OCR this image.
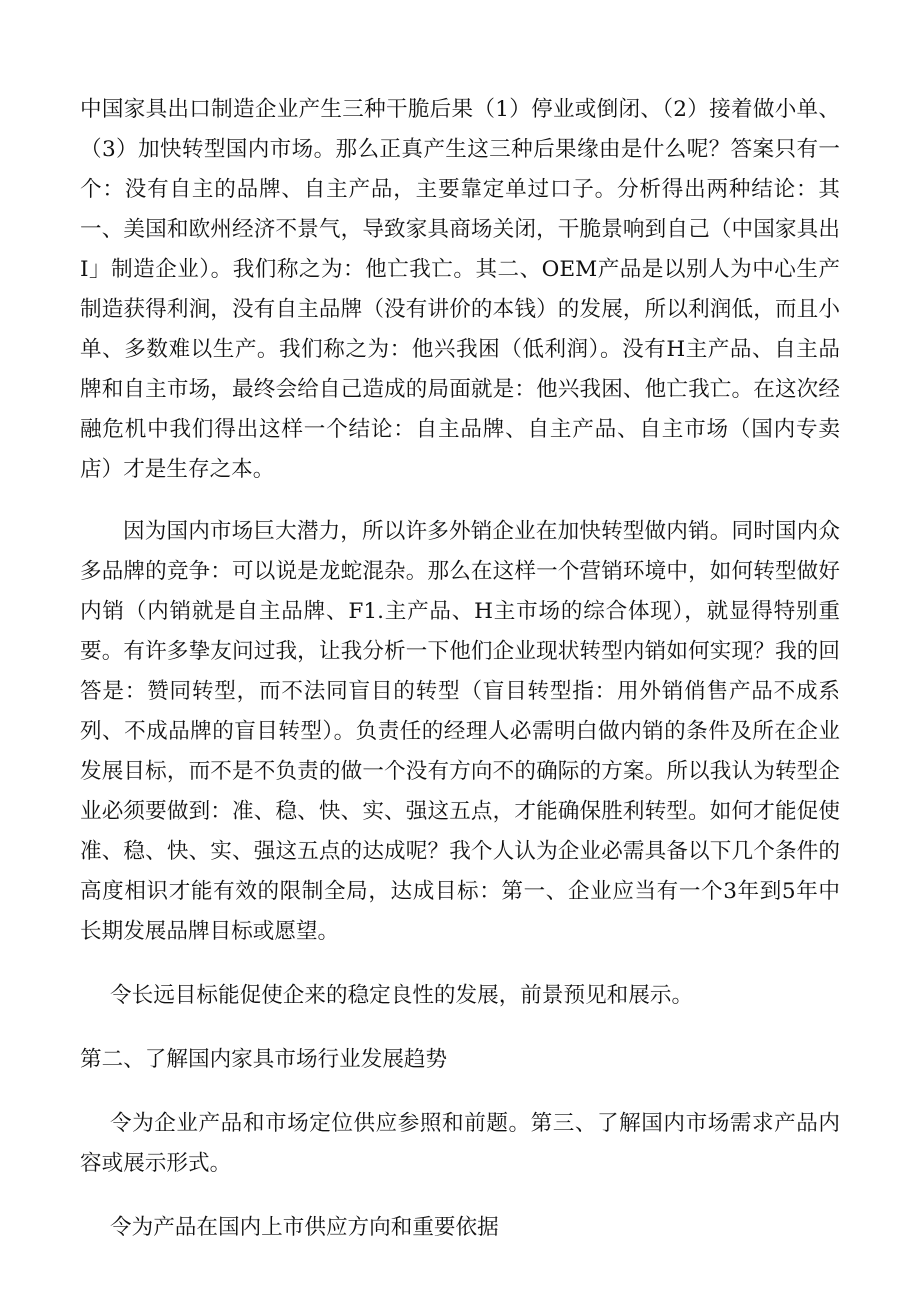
中国家具出口制造企业产生三种干脆后果（1）停业或倒闭、（2）接着做小单、（3）加快转型国内市场。那么正真产生这三种后果缘由是什么呢？答案只有一个：没有自主的品牌、自主产品，主要靠定单过口子。分析得出两种结论：其一、美国和欧州经济不景气，导致家具商场关闭，干脆景响到自己（中国家具出I」制造企业）。我们称之为：他亡我亡。其二、OEM产品是以别人为中心生产制造获得利涧，没有自主品牌（没有讲价的本钱）的发展，所以利润低，而且小单、多数难以生产。我们称之为：他兴我困（低利润）。没有H主产品、自主品牌和自主市场，最终会给自己造成的局面就是：他兴我困、他亡我亡。在这次经融危机中我们得出这样一个结论：自主品牌、自主产品、自主市场（国内专卖店）才是生存之本。

因为国内市场巨大潜力，所以许多外销企业在加快转型做内销。同时国内众多品牌的竞争：可以说是龙蛇混杂。那么在这样一个营销环境中，如何转型做好内销（内销就是自主品牌、F1.主产品、H主市场的综合体现），就显得特别重要。有许多挚友问过我，让我分析一下他们企业现状转型内销如何实现？我的回答是：赞同转型，而不法同盲目的转型（盲目转型指：用外销俏售产品不成系列、不成品牌的盲目转型）。负责任的经理人必需明白做内销的条件及所在企业发展目标，而不是不负责的做一个没有方向不的确际的方案。所以我认为转型企业必须要做到：准、稳、快、实、强这五点，才能确保胜利转型。如何才能促使准、稳、快、实、强这五点的达成呢？我个人认为企业必需具备以下几个条件的高度相识才能有效的限制全局，达成目标：第一、企业应当有一个3年到5年中长期发展品牌目标或愿望。

令长远目标能促使企来的稳定良性的发展，前景预见和展示。

第二、了解国内家具市场行业发展趋势

令为企业产品和市场定位供应参照和前题。第三、了解国内市场需求产品内容或展示形式。

令为产品在国内上市供应方向和重要依据
